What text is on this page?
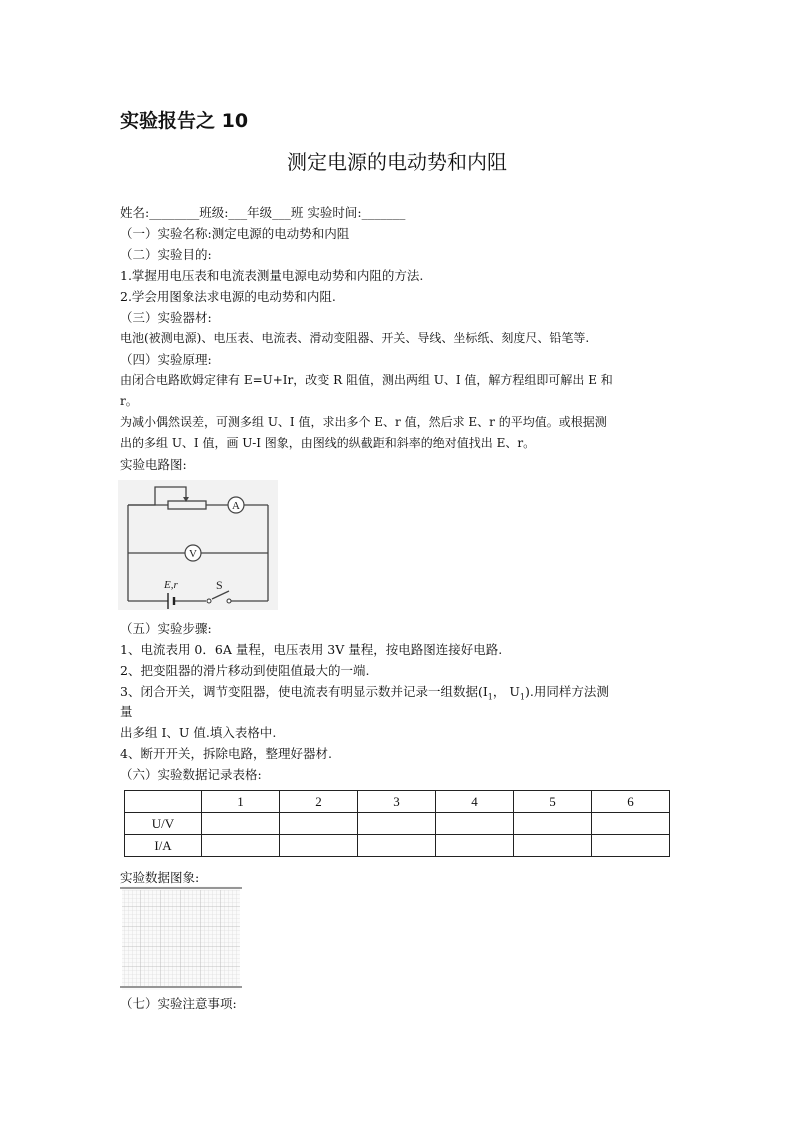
实验报告之 10
测定电源的电动势和内阻
姓名:________班级:___年级___班 实验时间:_______
（一）实验名称:测定电源的电动势和内阻
（二）实验目的:
1.掌握用电压表和电流表测量电源电动势和内阻的方法.
2.学会用图象法求电源的电动势和内阻.
（三）实验器材:
电池(被测电源)、电压表、电流表、滑动变阻器、开关、导线、坐标纸、刻度尺、铅笔等.
（四）实验原理:
由闭合电路欧姆定律有 E=U+Ir，改变 R 阻值，测出两组 U、I 值，解方程组即可解出 E 和
r。
为减小偶然误差，可测多组 U、I 值，求出多个 E、r 值，然后求 E、r 的平均值。或根据测
出的多组 U、I 值，画 U-I 图象，由图线的纵截距和斜率的绝对值找出 E、r。
实验电路图:
A
V
E,r	S
（五）实验步骤:
1、电流表用 0．6A 量程，电压表用 3V 量程，按电路图连接好电路.
2、把变阻器的滑片移动到使阻值最大的一端.
3、闭合开关，调节变阻器，使电流表有明显示数并记录一组数据($I_1$， $U_1$).用同样方法测
量
出多组 I、U 值.填入表格中.
4、断开开关，拆除电路，整理好器材.
（六）实验数据记录表格:
	1	2	3	4	5	6
U/V						
I/A						
实验数据图象:
（七）实验注意事项:
